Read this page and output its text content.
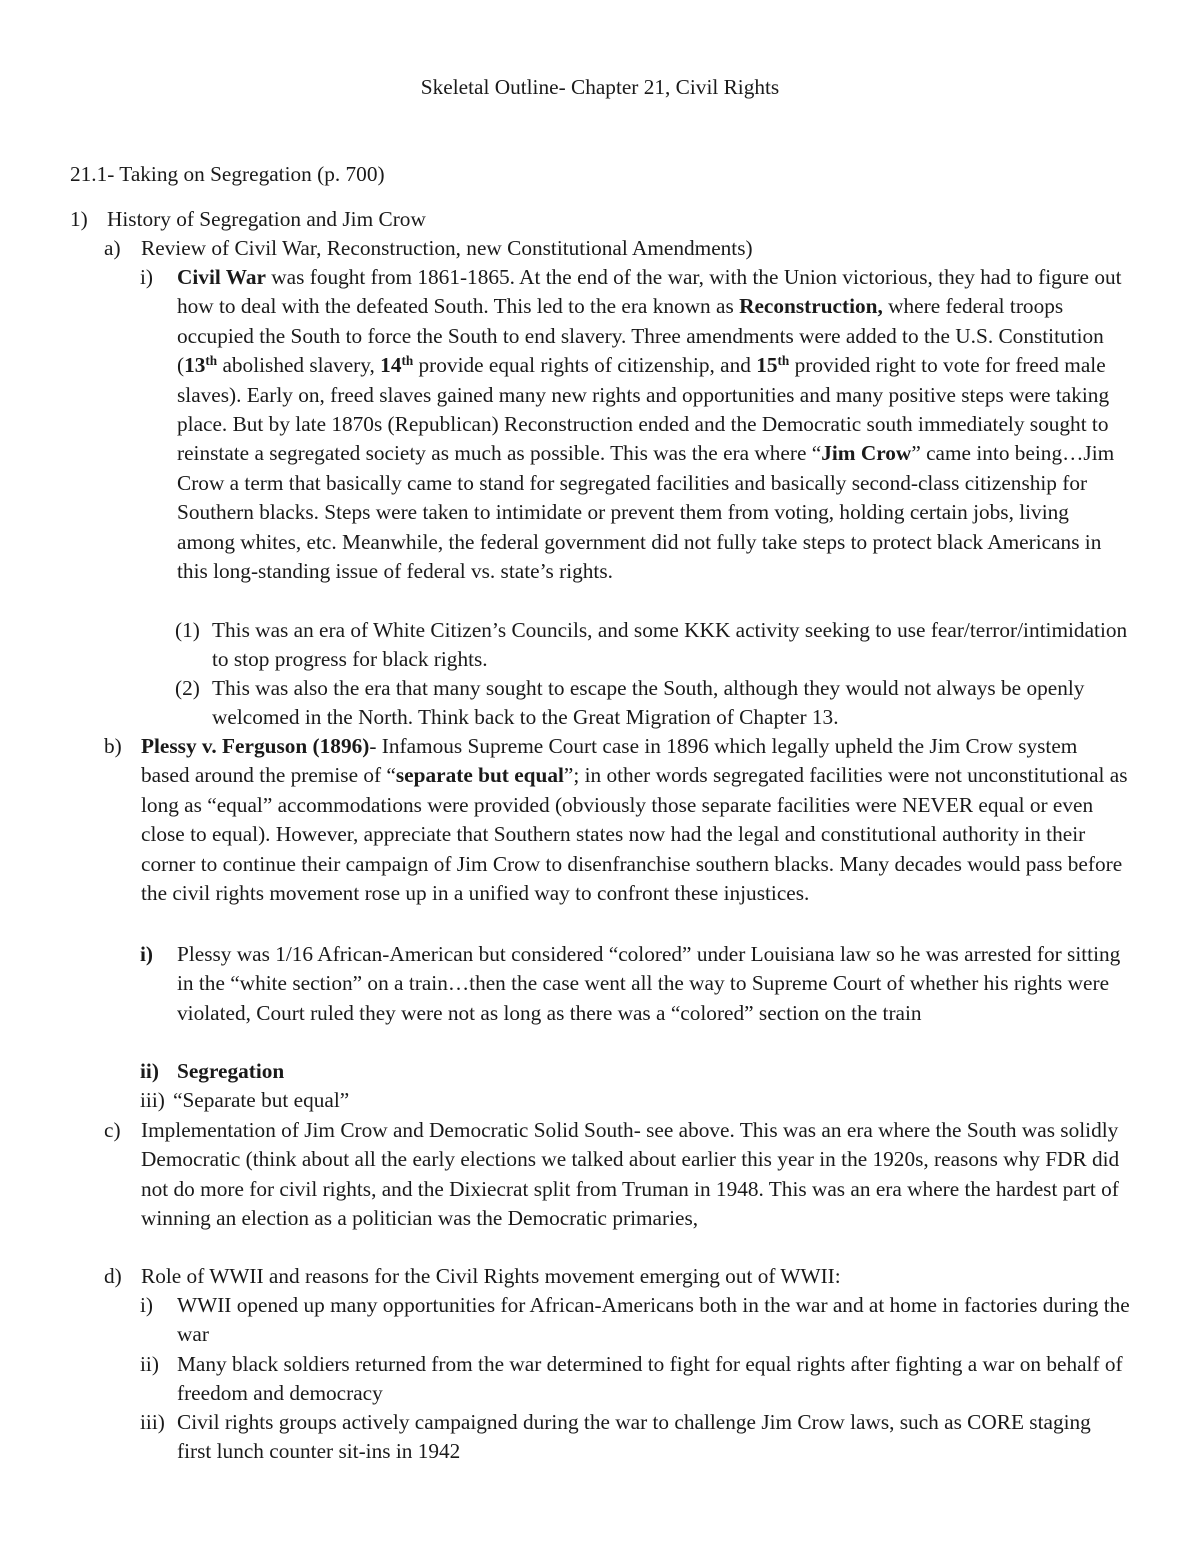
Skeletal Outline- Chapter 21, Civil Rights
21.1- Taking on Segregation (p. 700)
1) History of Segregation and Jim Crow
a) Review of Civil War, Reconstruction, new Constitutional Amendments)
i)	Civil War was fought from 1861-1865. At the end of the war, with the Union victorious, they had to figure out how to deal with the defeated South. This led to the era known as Reconstruction, where federal troops occupied the South to force the South to end slavery. Three amendments were added to the U.S. Constitution (13th abolished slavery, 14th provide equal rights of citizenship, and 15th provided right to vote for freed male slaves). Early on, freed slaves gained many new rights and opportunities and many positive steps were taking place. But by late 1870s (Republican) Reconstruction ended and the Democratic south immediately sought to reinstate a segregated society as much as possible. This was the era where “Jim Crow” came into being…Jim Crow a term that basically came to stand for segregated facilities and basically second-class citizenship for Southern blacks. Steps were taken to intimidate or prevent them from voting, holding certain jobs, living among whites, etc. Meanwhile, the federal government did not fully take steps to protect black Americans in this long-standing issue of federal vs. state’s rights.
(1) This was an era of White Citizen’s Councils, and some KKK activity seeking to use fear/terror/intimidation to stop progress for black rights.
(2) This was also the era that many sought to escape the South, although they would not always be openly welcomed in the North. Think back to the Great Migration of Chapter 13.
b) Plessy v. Ferguson (1896)- Infamous Supreme Court case in 1896 which legally upheld the Jim Crow system based around the premise of “separate but equal”; in other words segregated facilities were not unconstitutional as long as “equal” accommodations were provided (obviously those separate facilities were NEVER equal or even close to equal). However, appreciate that Southern states now had the legal and constitutional authority in their corner to continue their campaign of Jim Crow to disenfranchise southern blacks. Many decades would pass before the civil rights movement rose up in a unified way to confront these injustices.
i)	Plessy was 1/16 African-American but considered “colored” under Louisiana law so he was arrested for sitting in the “white section” on a train…then the case went all the way to Supreme Court of whether his rights were violated, Court ruled they were not as long as there was a “colored” section on the train
ii) Segregation
iii) “Separate but equal”
c) Implementation of Jim Crow and Democratic Solid South- see above. This was an era where the South was solidly Democratic (think about all the early elections we talked about earlier this year in the 1920s, reasons why FDR did not do more for civil rights, and the Dixiecrat split from Truman in 1948. This was an era where the hardest part of winning an election as a politician was the Democratic primaries,
d) Role of WWII and reasons for the Civil Rights movement emerging out of WWII:
i)	WWII opened up many opportunities for African-Americans both in the war and at home in factories during the war
ii) Many black soldiers returned from the war determined to fight for equal rights after fighting a war on behalf of freedom and democracy
iii) Civil rights groups actively campaigned during the war to challenge Jim Crow laws, such as CORE staging first lunch counter sit-ins in 1942
